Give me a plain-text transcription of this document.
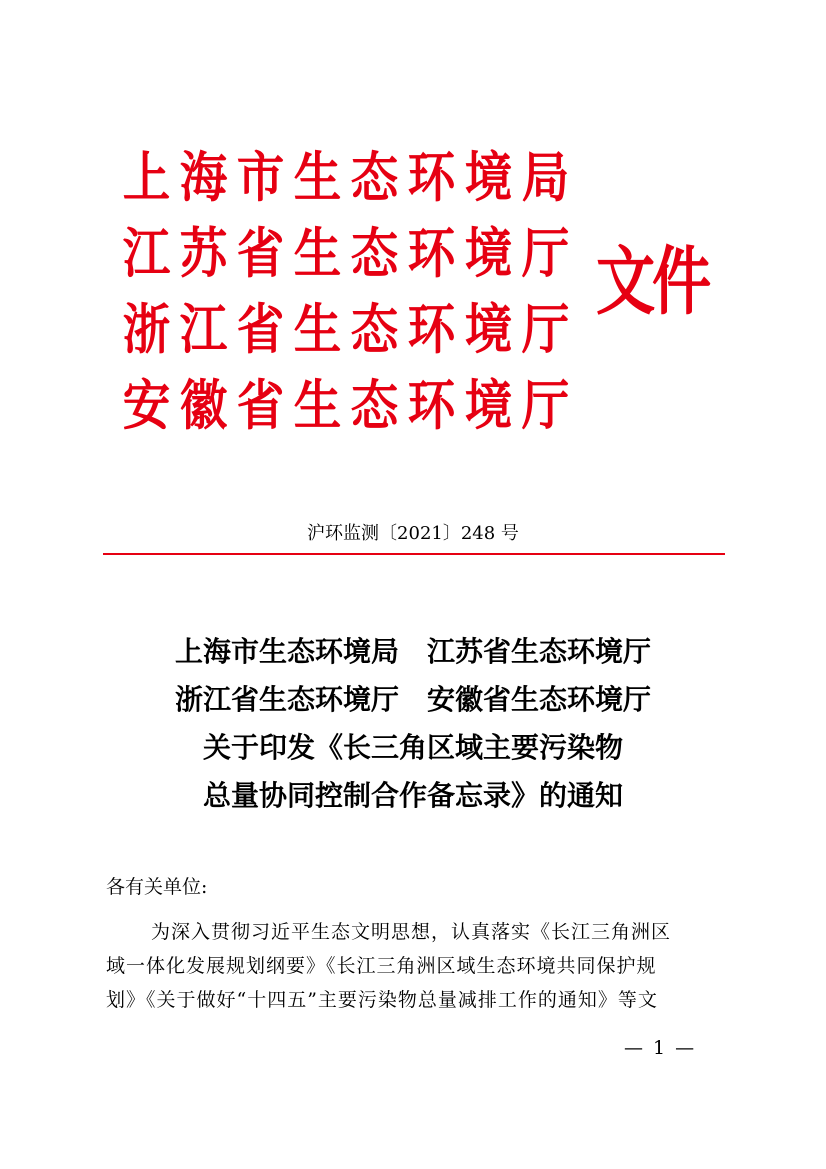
上 海 市 生 态 环 境 局
江 苏 省 生 态 环 境 厅
浙 江 省 生 态 环 境 厅
安 徽 省 生 态 环 境 厅
文件
沪环监测〔2021〕248 号
上海市生态环境局　江苏省生态环境厅
浙江省生态环境厅　安徽省生态环境厅
关于印发《长三角区域主要污染物
总量协同控制合作备忘录》的通知
各有关单位:
为深入贯彻习近平生态文明思想，认真落实《长江三角洲区
域一体化发展规划纲要》《长江三角洲区域生态环境共同保护规
划》《关于做好“十四五”主要污染物总量减排工作的通知》等文
— 1 —
